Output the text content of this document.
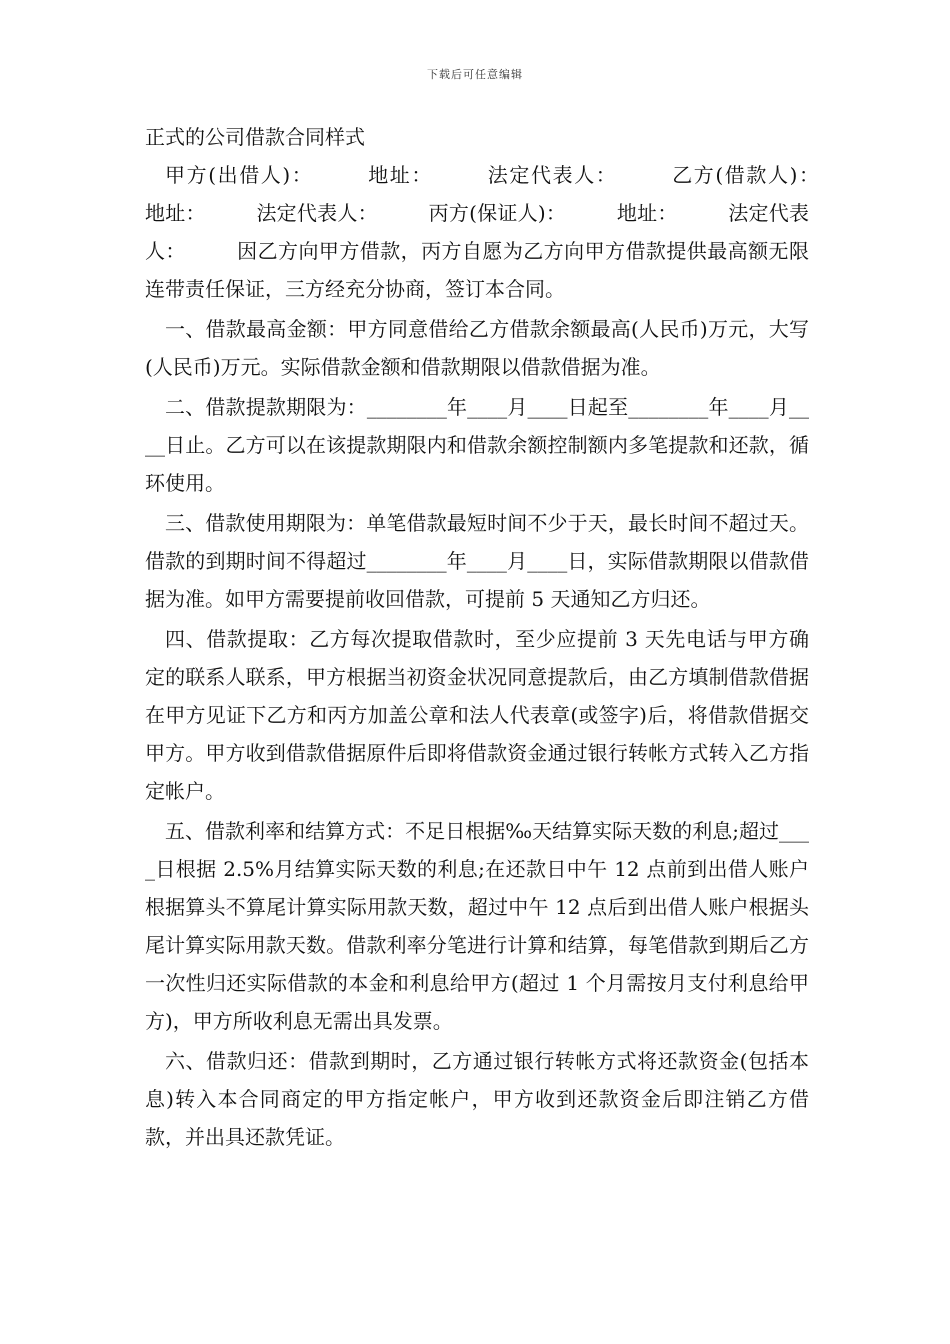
下载后可任意编辑
正式的公司借款合同样式

甲方(出借人)：　　　地址：　　　法定代表人：　　　乙方(借款人)：　　　地址：　　　法定代表人：　　　丙方(保证人)：　　　地址：　　　法定代表人：　　　因乙方向甲方借款，丙方自愿为乙方向甲方借款提供最高额无限连带责任保证，三方经充分协商，签订本合同。

一、借款最高金额：甲方同意借给乙方借款余额最高(人民币)万元，大写(人民币)万元。实际借款金额和借款期限以借款借据为准。

二、借款提款期限为：________年____月____日起至________年____月____日止。乙方可以在该提款期限内和借款余额控制额内多笔提款和还款，循环使用。

三、借款使用期限为：单笔借款最短时间不少于天，最长时间不超过天。借款的到期时间不得超过________年____月____日，实际借款期限以借款借据为准。如甲方需要提前收回借款，可提前 5 天通知乙方归还。

四、借款提取：乙方每次提取借款时，至少应提前 3 天先电话与甲方确定的联系人联系，甲方根据当初资金状况同意提款后，由乙方填制借款借据在甲方见证下乙方和丙方加盖公章和法人代表章(或签字)后，将借款借据交甲方。甲方收到借款借据原件后即将借款资金通过银行转帐方式转入乙方指定帐户。

五、借款利率和结算方式：不足日根据‰天结算实际天数的利息;超过____日根据 2.5%月结算实际天数的利息;在还款日中午 12 点前到出借人账户根据算头不算尾计算实际用款天数，超过中午 12 点后到出借人账户根据头尾计算实际用款天数。借款利率分笔进行计算和结算，每笔借款到期后乙方一次性归还实际借款的本金和利息给甲方(超过 1 个月需按月支付利息给甲方)，甲方所收利息无需出具发票。

六、借款归还：借款到期时，乙方通过银行转帐方式将还款资金(包括本息)转入本合同商定的甲方指定帐户，甲方收到还款资金后即注销乙方借款，并出具还款凭证。
